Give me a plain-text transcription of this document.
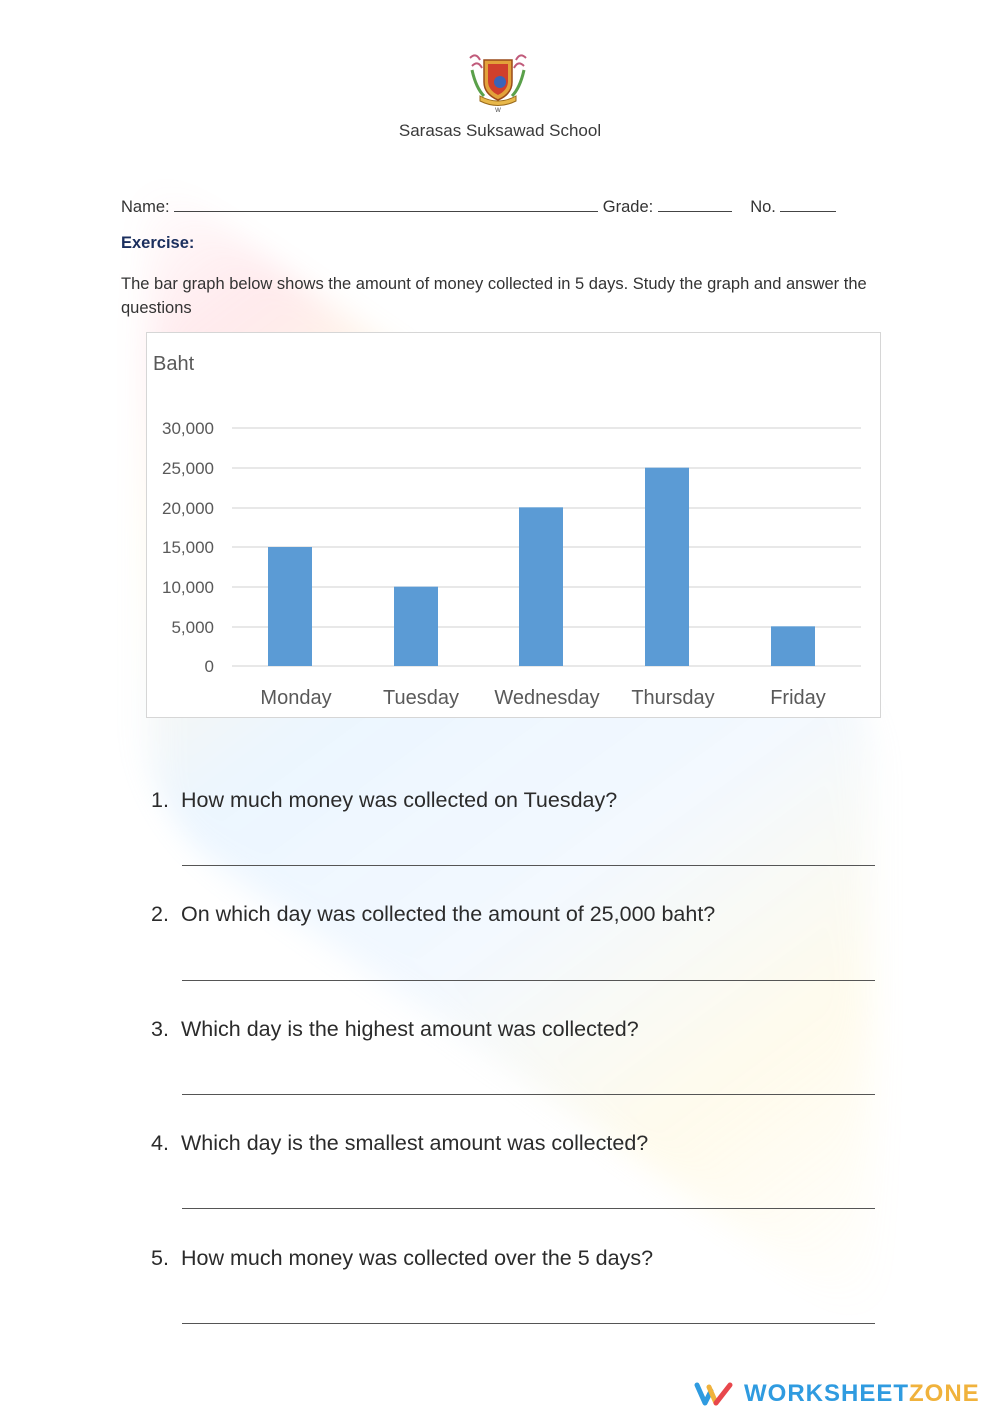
W
Sarasas Suksawad School
Name:	Grade:	No.
Exercise:
The bar graph below shows the amount of money collected in 5 days. Study the graph and answer the questions
Baht
30,000
25,000
20,000
15,000
10,000
5,000
0
Monday	Tuesday Wednesday Thursday	Friday
1. How much money was collected on Tuesday?
2. On which day was collected the amount of 25,000 baht?
3. Which day is the highest amount was collected?
4. Which day is the smallest amount was collected?
5. How much money was collected over the 5 days?
WORKSHEETZONE
